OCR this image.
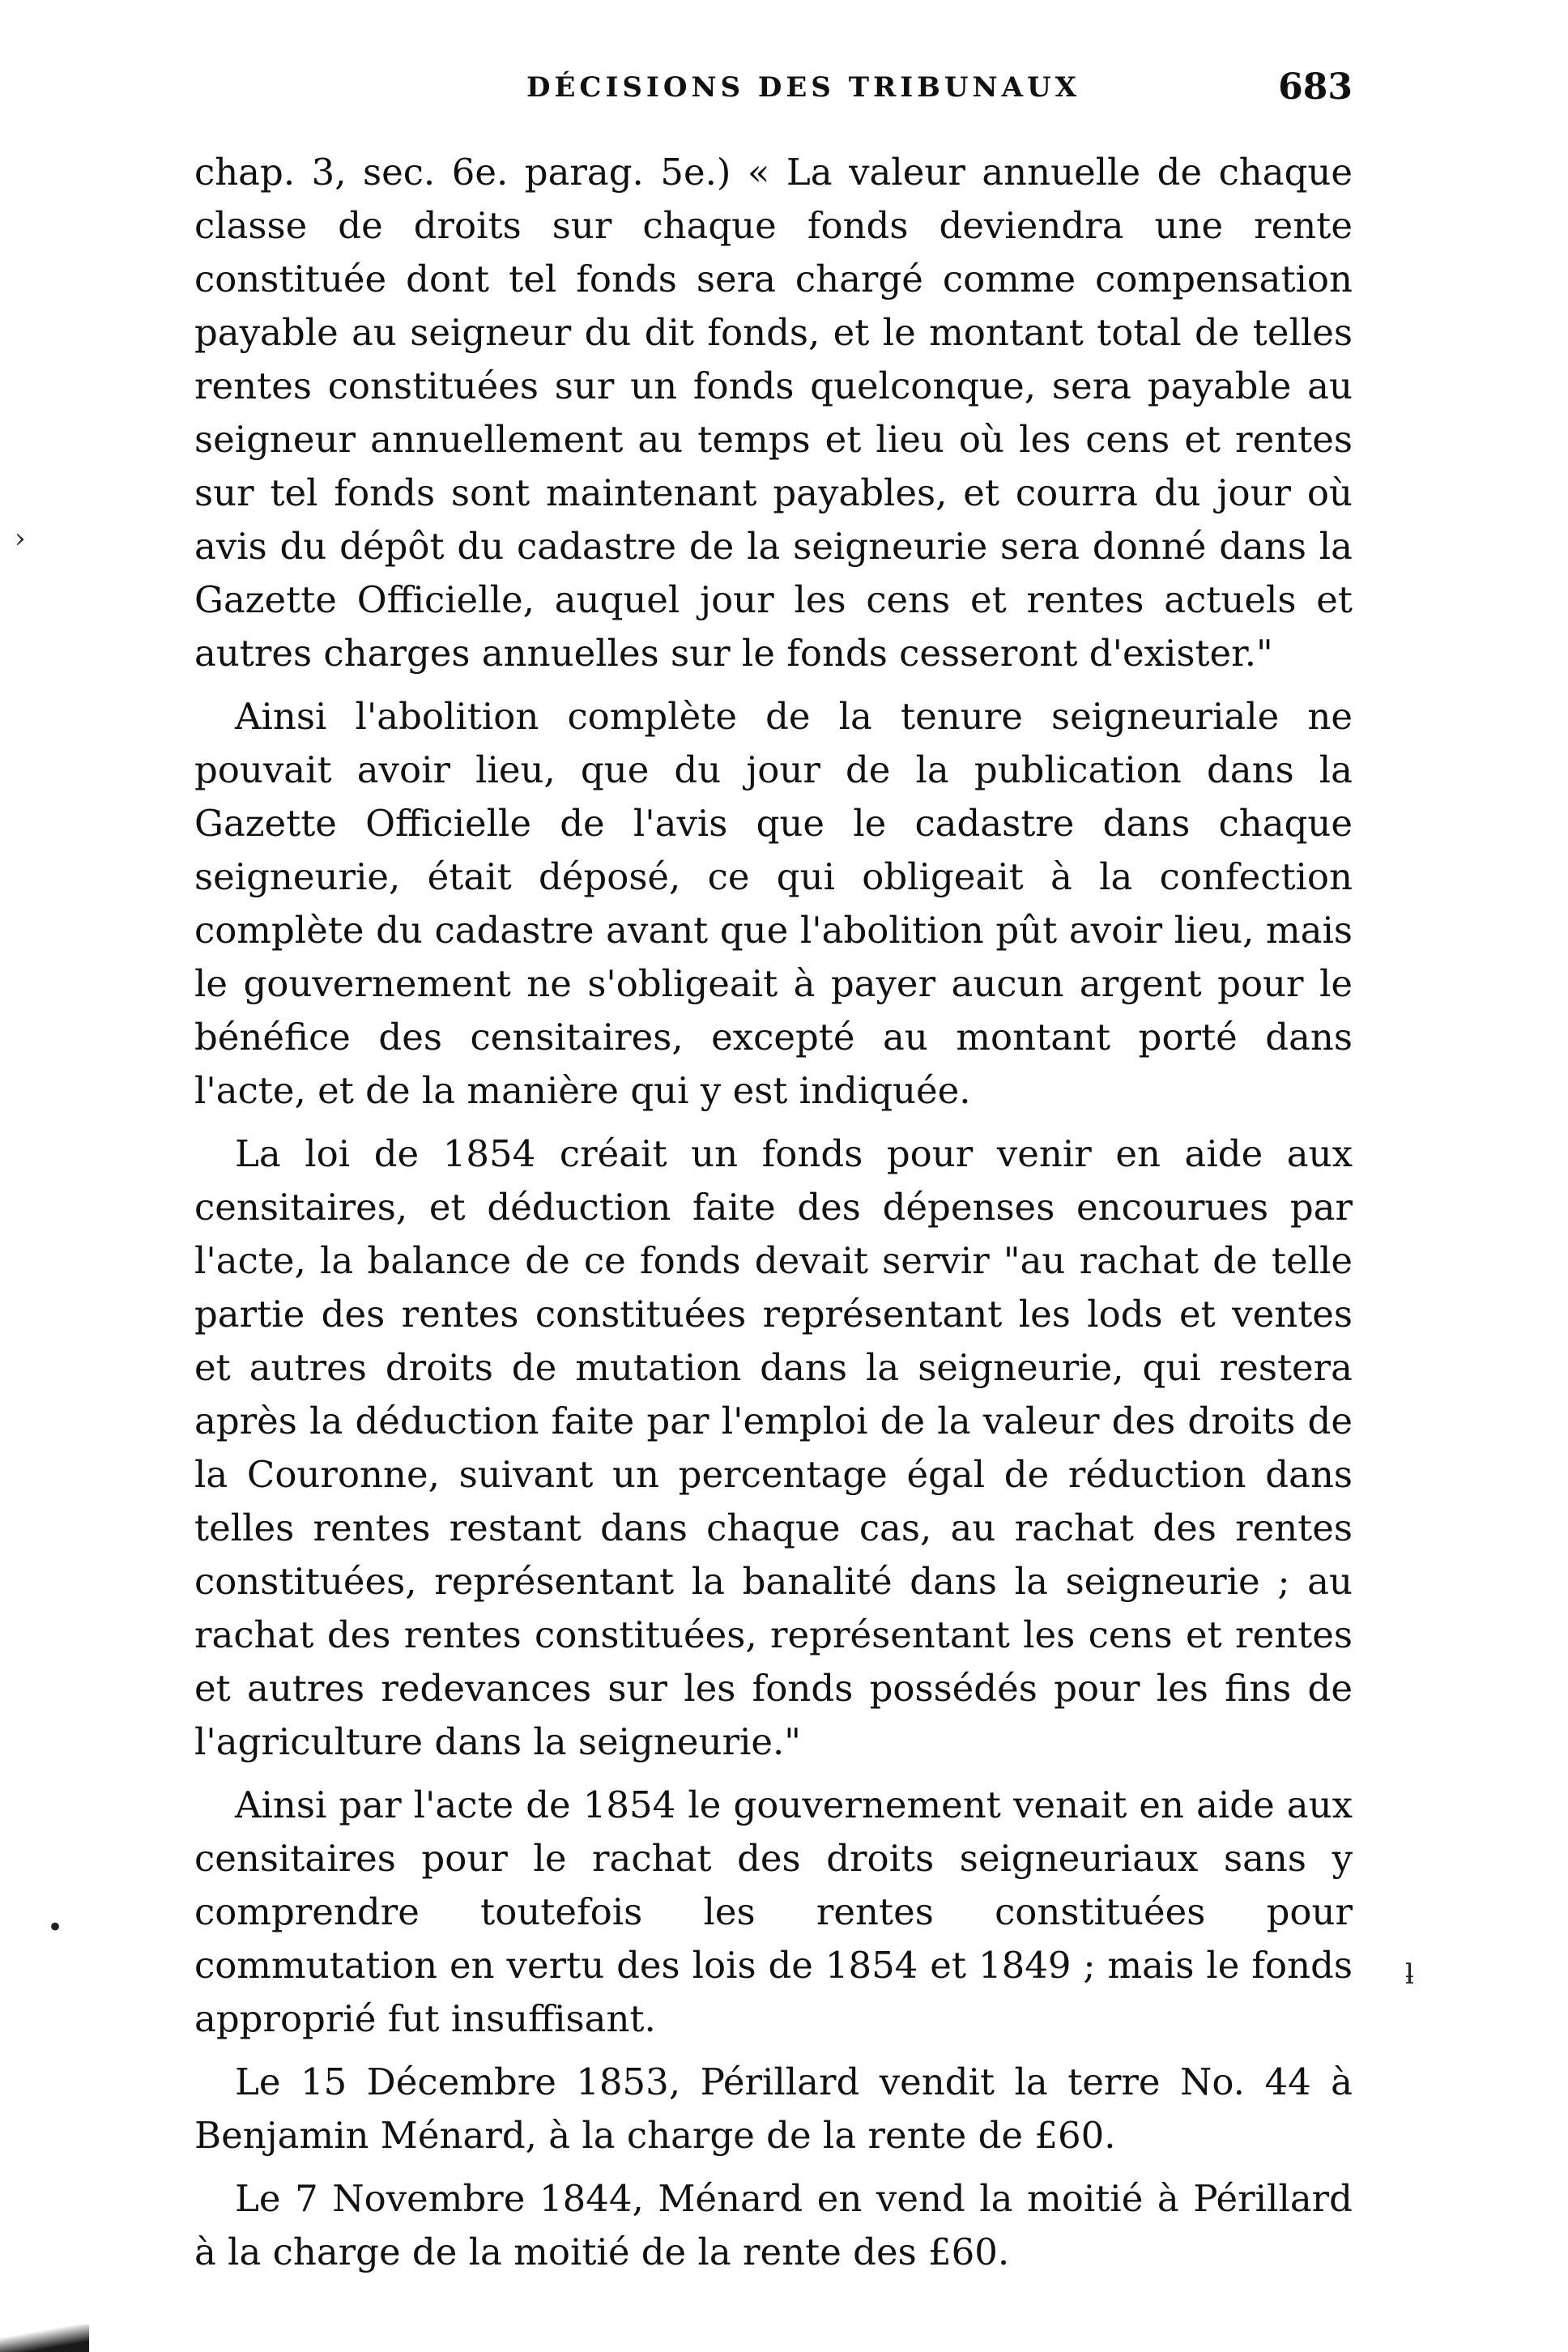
DÉCISIONS DES TRIBUNAUX	683

chap. 3, sec. 6e. parag. 5e.) « La valeur annuelle de chaque classe de droits sur chaque fonds deviendra une rente constituée dont tel fonds sera chargé comme compensation payable au seigneur du dit fonds, et le montant total de telles rentes constituées sur un fonds quelconque, sera payable au seigneur annuellement au temps et lieu où les cens et rentes sur tel fonds sont maintenant payables, et courra du jour où avis du dépôt du cadastre de la seigneurie sera donné dans la Gazette Officielle, auquel jour les cens et rentes actuels et autres charges annuelles sur le fonds cesseront d'exister."

Ainsi l'abolition complète de la tenure seigneuriale ne pouvait avoir lieu, que du jour de la publication dans la Gazette Officielle de l'avis que le cadastre dans chaque seigneurie, était déposé, ce qui obligeait à la confection complète du cadastre avant que l'abolition pût avoir lieu, mais le gouvernement ne s'obligeait à payer aucun argent pour le bénéfice des censitaires, excepté au montant porté dans l'acte, et de la manière qui y est indiquée.

La loi de 1854 créait un fonds pour venir en aide aux censitaires, et déduction faite des dépenses encourues par l'acte, la balance de ce fonds devait servir "au rachat de telle partie des rentes constituées représentant les lods et ventes et autres droits de mutation dans la seigneurie, qui restera après la déduction faite par l'emploi de la valeur des droits de la Couronne, suivant un percentage égal de réduction dans telles rentes restant dans chaque cas, au rachat des rentes constituées, représentant la banalité dans la seigneurie ; au rachat des rentes constituées, représentant les cens et rentes et autres redevances sur les fonds possédés pour les fins de l'agriculture dans la seigneurie."

Ainsi par l'acte de 1854 le gouvernement venait en aide aux censitaires pour le rachat des droits seigneuriaux sans y comprendre toutefois les rentes constituées pour commutation en vertu des lois de 1854 et 1849 ; mais le fonds approprié fut insuffisant.

Le 15 Décembre 1853, Périllard vendit la terre No. 44 à Benjamin Ménard, à la charge de la rente de £60.

Le 7 Novembre 1844, Ménard en vend la moitié à Périllard à la charge de la moitié de la rente des £60.

›
•
ƚ
